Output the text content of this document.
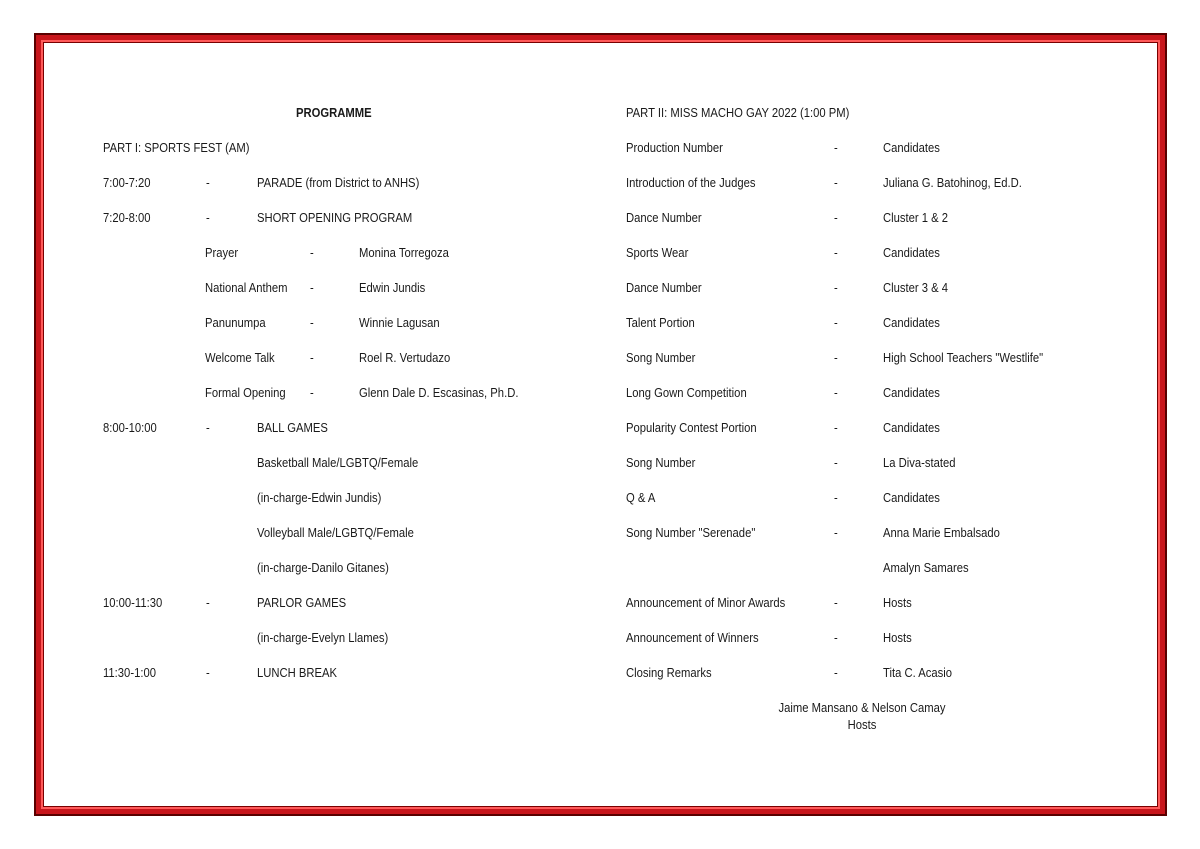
PROGRAMME
PART I: SPORTS FEST (AM)
7:00-7:20	-	PARADE (from District to ANHS)
7:20-8:00	-	SHORT OPENING PROGRAM
Prayer	-	Monina Torregoza
National Anthem -	Edwin Jundis
Panunumpa	-	Winnie Lagusan
Welcome Talk	-	Roel R. Vertudazo
Formal Opening -	Glenn Dale D. Escasinas, Ph.D.
8:00-10:00	-	BALL GAMES
Basketball Male/LGBTQ/Female
(in-charge-Edwin Jundis)
Volleyball Male/LGBTQ/Female
(in-charge-Danilo Gitanes)
10:00-11:30	-	PARLOR GAMES
(in-charge-Evelyn Llames)
11:30-1:00	-	LUNCH BREAK
PART II: MISS MACHO GAY 2022 (1:00 PM)
Production Number	-	Candidates
Introduction of the Judges	-	Juliana G. Batohinog, Ed.D.
Dance Number	-	Cluster 1 & 2
Sports Wear	-	Candidates
Dance Number	-	Cluster 3 & 4
Talent Portion	-	Candidates
Song Number	-	High School Teachers "Westlife"
Long Gown Competition	-	Candidates
Popularity Contest Portion	-	Candidates
Song Number	-	La Diva-stated
Q & A	-	Candidates
Song Number "Serenade"	-	Anna Marie Embalsado
Amalyn Samares
Announcement of Minor Awards	-	Hosts
Announcement of Winners	-	Hosts
Closing Remarks	-	Tita C. Acasio
Jaime Mansano & Nelson Camay
Hosts
